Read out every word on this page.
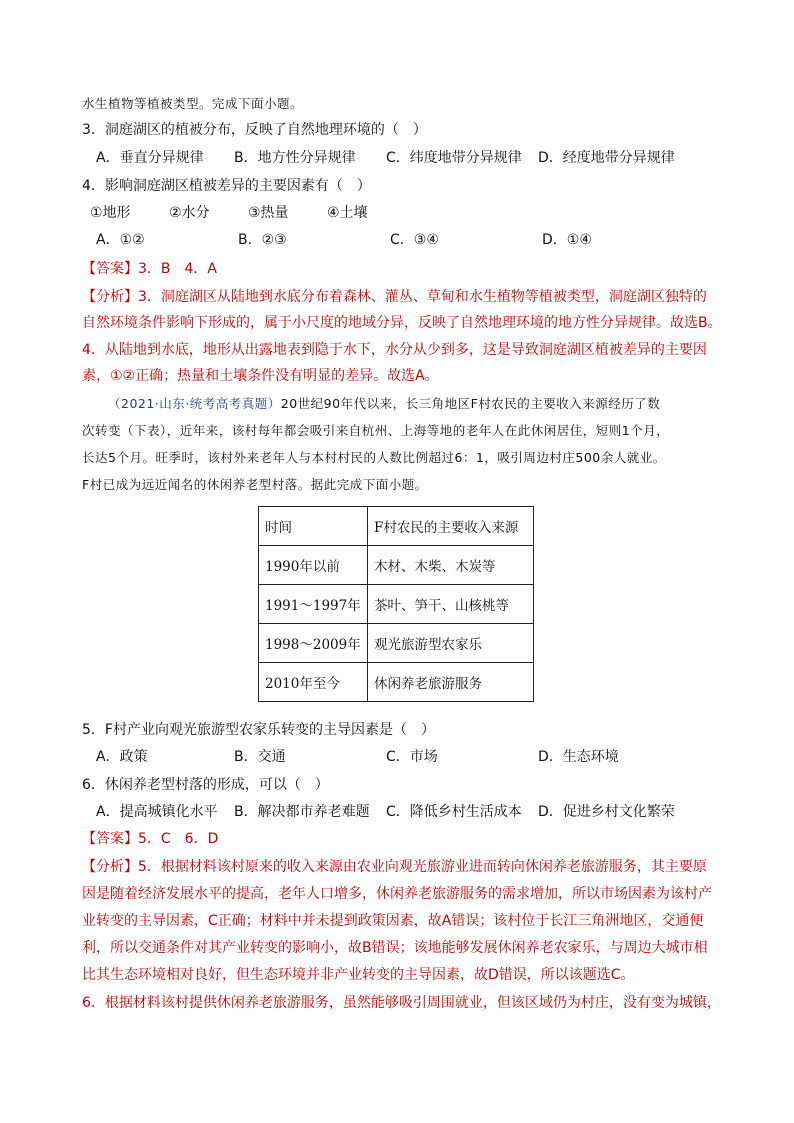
水生植物等植被类型。完成下面小题。
3．洞庭湖区的植被分布，反映了自然地理环境的（　）
A．垂直分异规律 B．地方性分异规律 C．纬度地带分异规律 D．经度地带分异规律
4．影响洞庭湖区植被差异的主要因素有（　）
①地形	②水分	③热量	④土壤
A．①②	B．②③	C．③④	D．①④
【答案】3．B　4．A
【分析】3．洞庭湖区从陆地到水底分布着森林、灌丛、草甸和水生植物等植被类型，洞庭湖区独特的
自然环境条件影响下形成的，属于小尺度的地域分异，反映了自然地理环境的地方性分异规律。故选B。
4．从陆地到水底，地形从出露地表到隐于水下，水分从少到多，这是导致洞庭湖区植被差异的主要因
素，①②正确；热量和土壤条件没有明显的差异。故选A。
（2021·山东·统考高考真题）20世纪90年代以来，长三角地区F村农民的主要收入来源经历了数
次转变（下表），近年来，该村每年都会吸引来自杭州、上海等地的老年人在此休闲居住，短则1个月，
长达5个月。旺季时，该村外来老年人与本村村民的人数比例超过6：1，吸引周边村庄500余人就业。
F村已成为远近闻名的休闲养老型村落。据此完成下面小题。
时间	F村农民的主要收入来源
1990年以前	木材、木柴、木炭等
1991～1997年	茶叶、笋干、山核桃等
1998～2009年	观光旅游型农家乐
2010年至今	休闲养老旅游服务
5．F村产业向观光旅游型农家乐转变的主导因素是（　）
A．政策	B．交通	C．市场	D．生态环境
6．休闲养老型村落的形成，可以（　）
A．提高城镇化水平 B．解决都市养老难题 C．降低乡村生活成本 D．促进乡村文化繁荣
【答案】5．C　6．D
【分析】5．根据材料该村原来的收入来源由农业向观光旅游业进而转向休闲养老旅游服务，其主要原
因是随着经济发展水平的提高，老年人口增多，休闲养老旅游服务的需求增加，所以市场因素为该村产
业转变的主导因素，C正确；材料中并未提到政策因素，故A错误；该村位于长江三角洲地区，交通便
利，所以交通条件对其产业转变的影响小，故B错误；该地能够发展休闲养老农家乐，与周边大城市相
比其生态环境相对良好，但生态环境并非产业转变的主导因素，故D错误，所以该题选C。
6．根据材料该村提供休闲养老旅游服务，虽然能够吸引周围就业，但该区域仍为村庄，没有变为城镇，
